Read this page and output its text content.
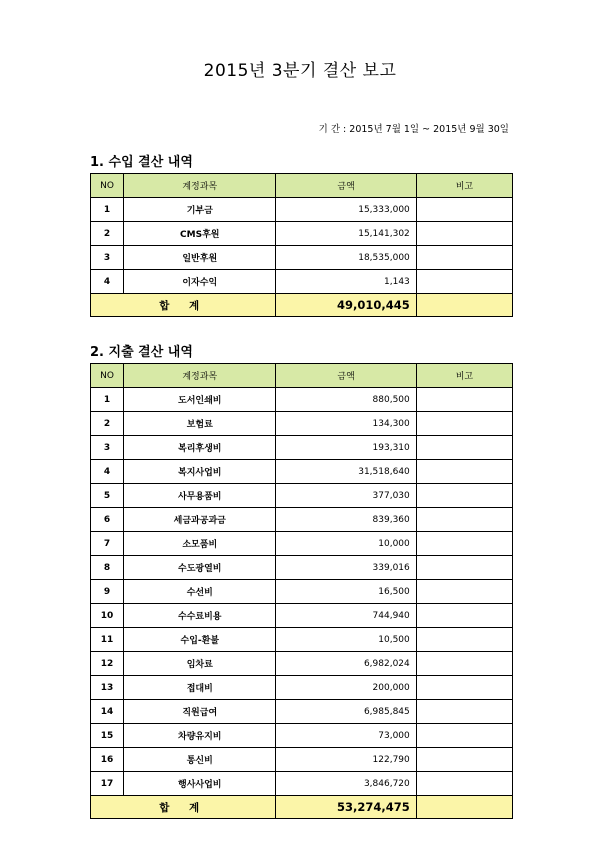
2015년 3분기 결산 보고
기 간 : 2015년 7월 1일 ~ 2015년 9월 30일
1. 수입 결산 내역
NO	계정과목	금액	비고
1	기부금	15,333,000	
2	CMS후원	15,141,302	
3	일반후원	18,535,000	
4	이자수익	1,143	
합 계		49,010,445	
2. 지출 결산 내역
NO	계정과목	금액	비고
1	도서인쇄비	880,500	
2	보험료	134,300	
3	복리후생비	193,310	
4	복지사업비	31,518,640	
5	사무용품비	377,030	
6	세금과공과금	839,360	
7	소모품비	10,000	
8	수도광열비	339,016	
9	수선비	16,500	
10	수수료비용	744,940	
11	수입-환불	10,500	
12	임차료	6,982,024	
13	접대비	200,000	
14	직원급여	6,985,845	
15	차량유지비	73,000	
16	통신비	122,790	
17	행사사업비	3,846,720	
합 계		53,274,475	
